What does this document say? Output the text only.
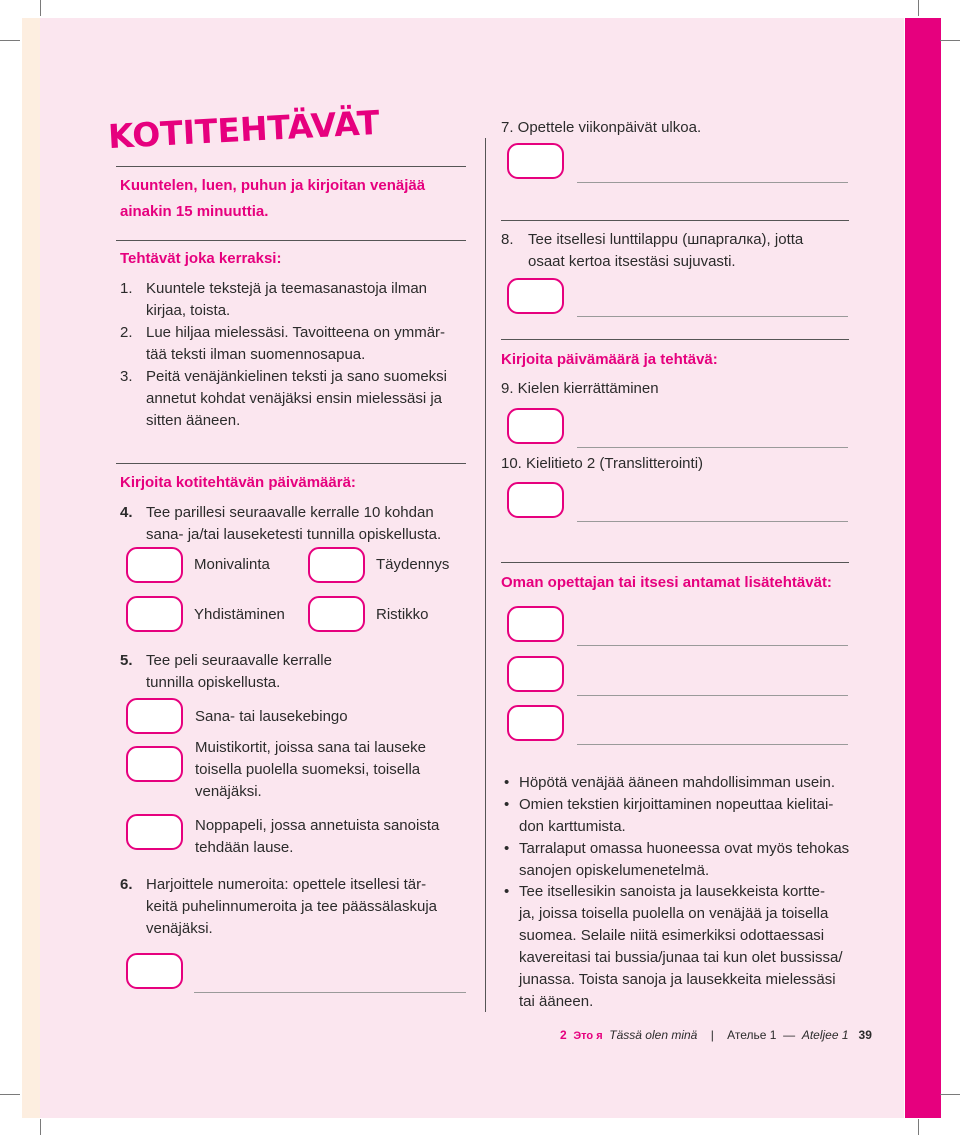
KOTITEHTÄVÄT
Kuuntelen, luen, puhun ja kirjoitan venäjää
ainakin 15 minuuttia.
Tehtävät joka kerraksi:
1. Kuuntele tekstejä ja teemasanastoja ilman
kirjaa, toista.
2. Lue hiljaa mielessäsi. Tavoitteena on ymmär-
tää teksti ilman suomennosapua.
3. Peitä venäjänkielinen teksti ja sano suomeksi
annetut kohdat venäjäksi ensin mielessäsi ja
sitten ääneen.
Kirjoita kotitehtävän päivämäärä:
4. Tee parillesi seuraavalle kerralle 10 kohdan
sana- ja/tai lauseketesti tunnilla opiskellusta.
Monivalinta	Täydennys
Yhdistäminen	Ristikko
5. Tee peli seuraavalle kerralle
tunnilla opiskellusta.
Sana- tai lausekebingo
Muistikortit, joissa sana tai lauseke
toisella puolella suomeksi, toisella
venäjäksi.
Noppapeli, jossa annetuista sanoista
tehdään lause.
6. Harjoittele numeroita: opettele itsellesi tär-
keitä puhelinnumeroita ja tee päässälaskuja
venäjäksi.
7. Opettele viikonpäivät ulkoa.
8. Tee itsellesi lunttilappu (шпаргалка), jotta
osaat kertoa itsestäsi sujuvasti.
Kirjoita päivämäärä ja tehtävä:
9. Kielen kierrättäminen
10. Kielitieto 2 (Translitterointi)
Oman opettajan tai itsesi antamat lisätehtävät:
• Höpötä venäjää ääneen mahdollisimman usein.
• Omien tekstien kirjoittaminen nopeuttaa kielitai-
don karttumista.
• Tarralaput omassa huoneessa ovat myös tehokas
sanojen opiskelumenetelmä.
• Tee itsellesikin sanoista ja lausekkeista kortte-
ja, joissa toisella puolella on venäjää ja toisella
suomea. Selaile niitä esimerkiksi odottaessasi
kavereitasi tai bussia/junaa tai kun olet bussissa/
junassa. Toista sanoja ja lausekkeita mielessäsi
tai ääneen.
2 Это я Tässä olen minä | Ателье 1 — Ateljee 1 39
